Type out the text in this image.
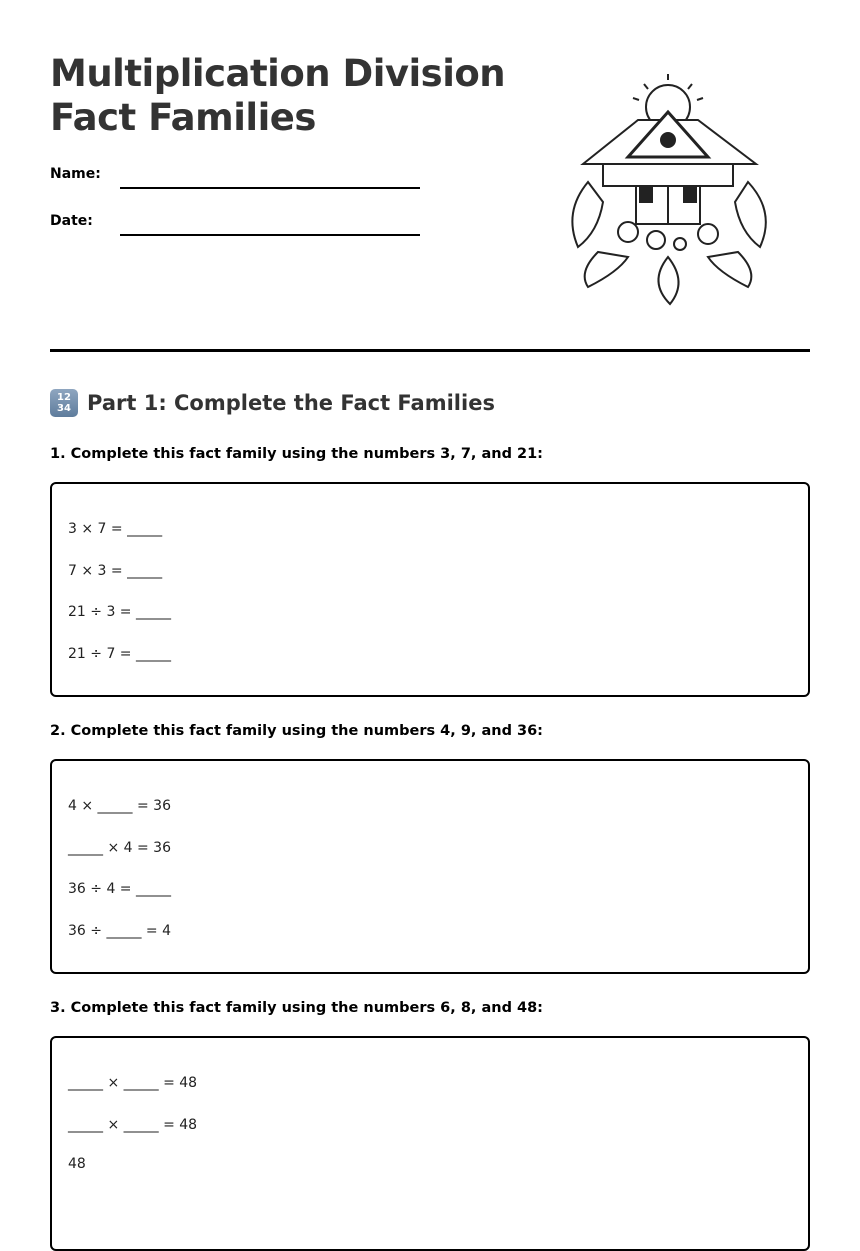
Multiplication Division
Fact Families
Name:
Date:
12
34 Part 1: Complete the Fact Families
1. Complete this fact family using the numbers 3, 7, and 21:
3 × 7 = _____
7 × 3 = _____
21 ÷ 3 = _____
21 ÷ 7 = _____
2. Complete this fact family using the numbers 4, 9, and 36:
4 × _____ = 36
_____ × 4 = 36
36 ÷ 4 = _____
36 ÷ _____ = 4
3. Complete this fact family using the numbers 6, 8, and 48:
_____ × _____ = 48
_____ × _____ = 48
48
